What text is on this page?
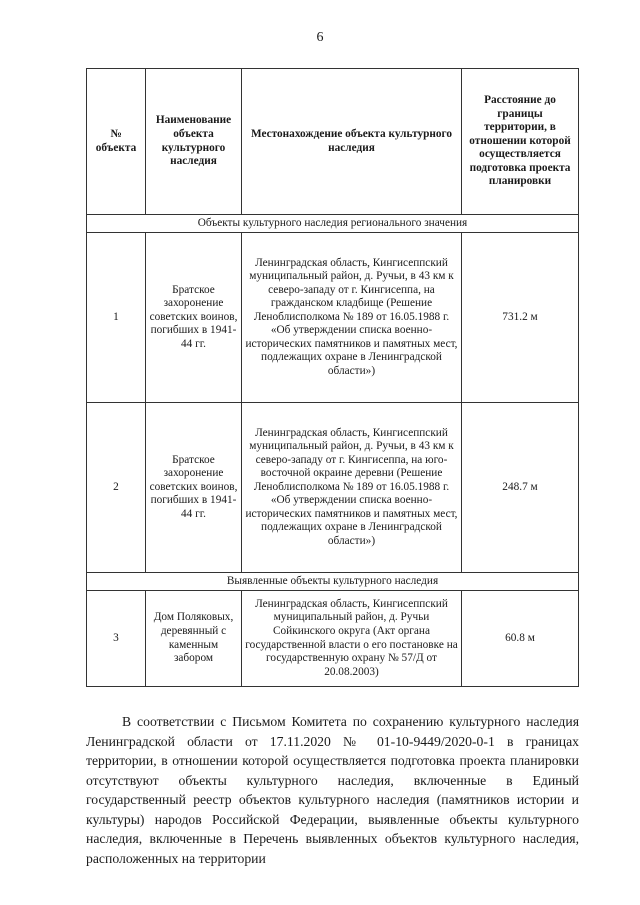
6
№ объекта	Наименование объекта культурного наследия	Местонахождение объекта культурного наследия	Расстояние до границы территории, в отношении которой осуществляется подготовка проекта планировки
Объекты культурного наследия регионального значения			
1	Братское захоронение советских воинов, погибших в 1941-44 гг.	Ленинградская область, Кингисеппский муниципальный район, д. Ручьи, в 43 км к северо-западу от г. Кингисеппа, на гражданском кладбище (Решение Леноблисполкома № 189 от 16.05.1988 г. «Об утверждении списка военно-исторических памятников и памятных мест, подлежащих охране в Ленинградской области»)	731.2 м
2	Братское захоронение советских воинов, погибших в 1941-44 гг.	Ленинградская область, Кингисеппский муниципальный район, д. Ручьи, в 43 км к северо-западу от г. Кингисеппа, на юго-восточной окраине деревни (Решение Леноблисполкома № 189 от 16.05.1988 г. «Об утверждении списка военно-исторических памятников и памятных мест, подлежащих охране в Ленинградской области»)	248.7 м
Выявленные объекты культурного наследия			
3	Дом Поляковых, деревянный с каменным забором	Ленинградская область, Кингисеппский муниципальный район, д. Ручьи Сойкинского округа (Акт органа государственной власти о его постановке на государственную охрану № 57/Д от 20.08.2003)	60.8 м

В соответствии с Письмом Комитета по сохранению культурного наследия Ленинградской области от 17.11.2020 № 01-10-9449/2020-0-1 в границах территории, в отношении которой осуществляется подготовка проекта планировки отсутствуют объекты культурного наследия, включенные в Единый государственный реестр объектов культурного наследия (памятников истории и культуры) народов Российской Федерации, выявленные объекты культурного наследия, включенные в Перечень выявленных объектов культурного наследия, расположенных на территории
